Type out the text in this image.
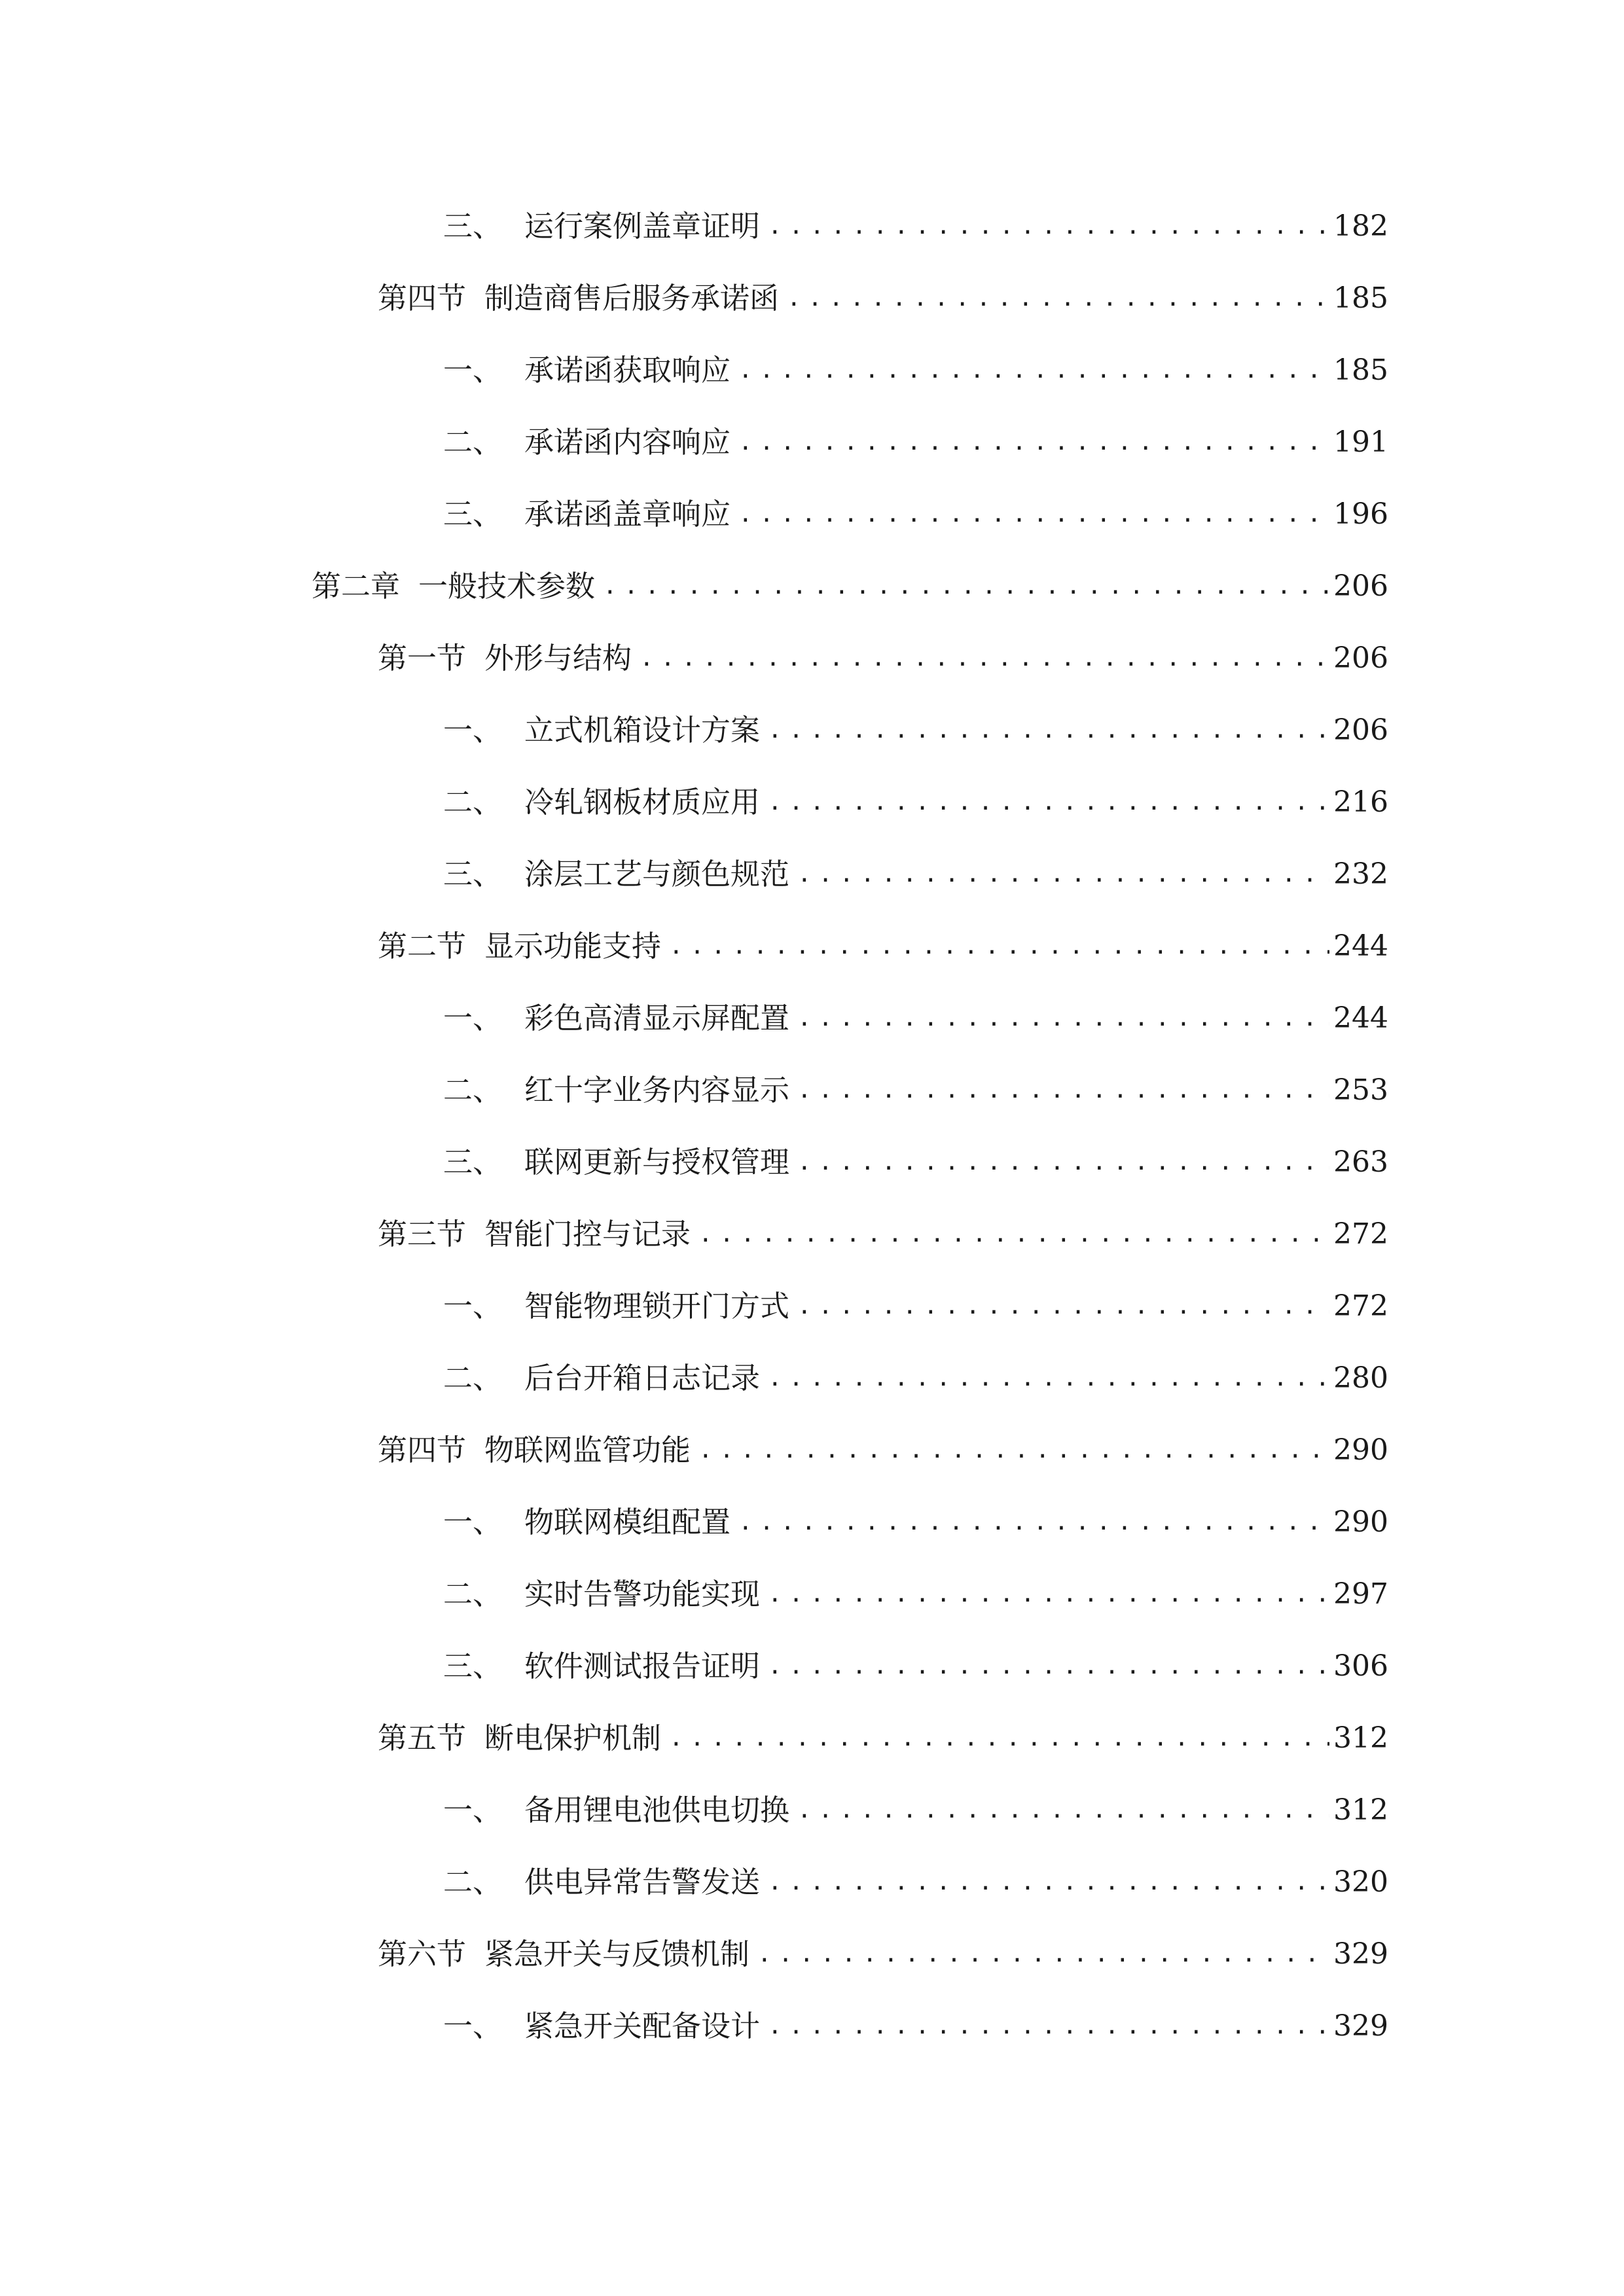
三、 运行案例盖章证明 .....	182
第四节 制造商售后服务承诺函 .....	185
一、 承诺函获取响应 .....	185
二、 承诺函内容响应 .....	191
三、 承诺函盖章响应 .....	196
第二章 一般技术参数 .....	206
第一节 外形与结构 .....	206
一、 立式机箱设计方案 .....	206
二、 冷轧钢板材质应用 .....	216
三、 涂层工艺与颜色规范 .....	232
第二节 显示功能支持 .....	244
一、 彩色高清显示屏配置 .....	244
二、 红十字业务内容显示 .....	253
三、 联网更新与授权管理 .....	263
第三节 智能门控与记录 .....	272
一、 智能物理锁开门方式 .....	272
二、 后台开箱日志记录 .....	280
第四节 物联网监管功能 .....	290
一、 物联网模组配置 .....	290
二、 实时告警功能实现 .....	297
三、 软件测试报告证明 .....	306
第五节 断电保护机制 .....	312
一、 备用锂电池供电切换 .....	312
二、 供电异常告警发送 .....	320
第六节 紧急开关与反馈机制 .....	329
一、 紧急开关配备设计 .....	329
